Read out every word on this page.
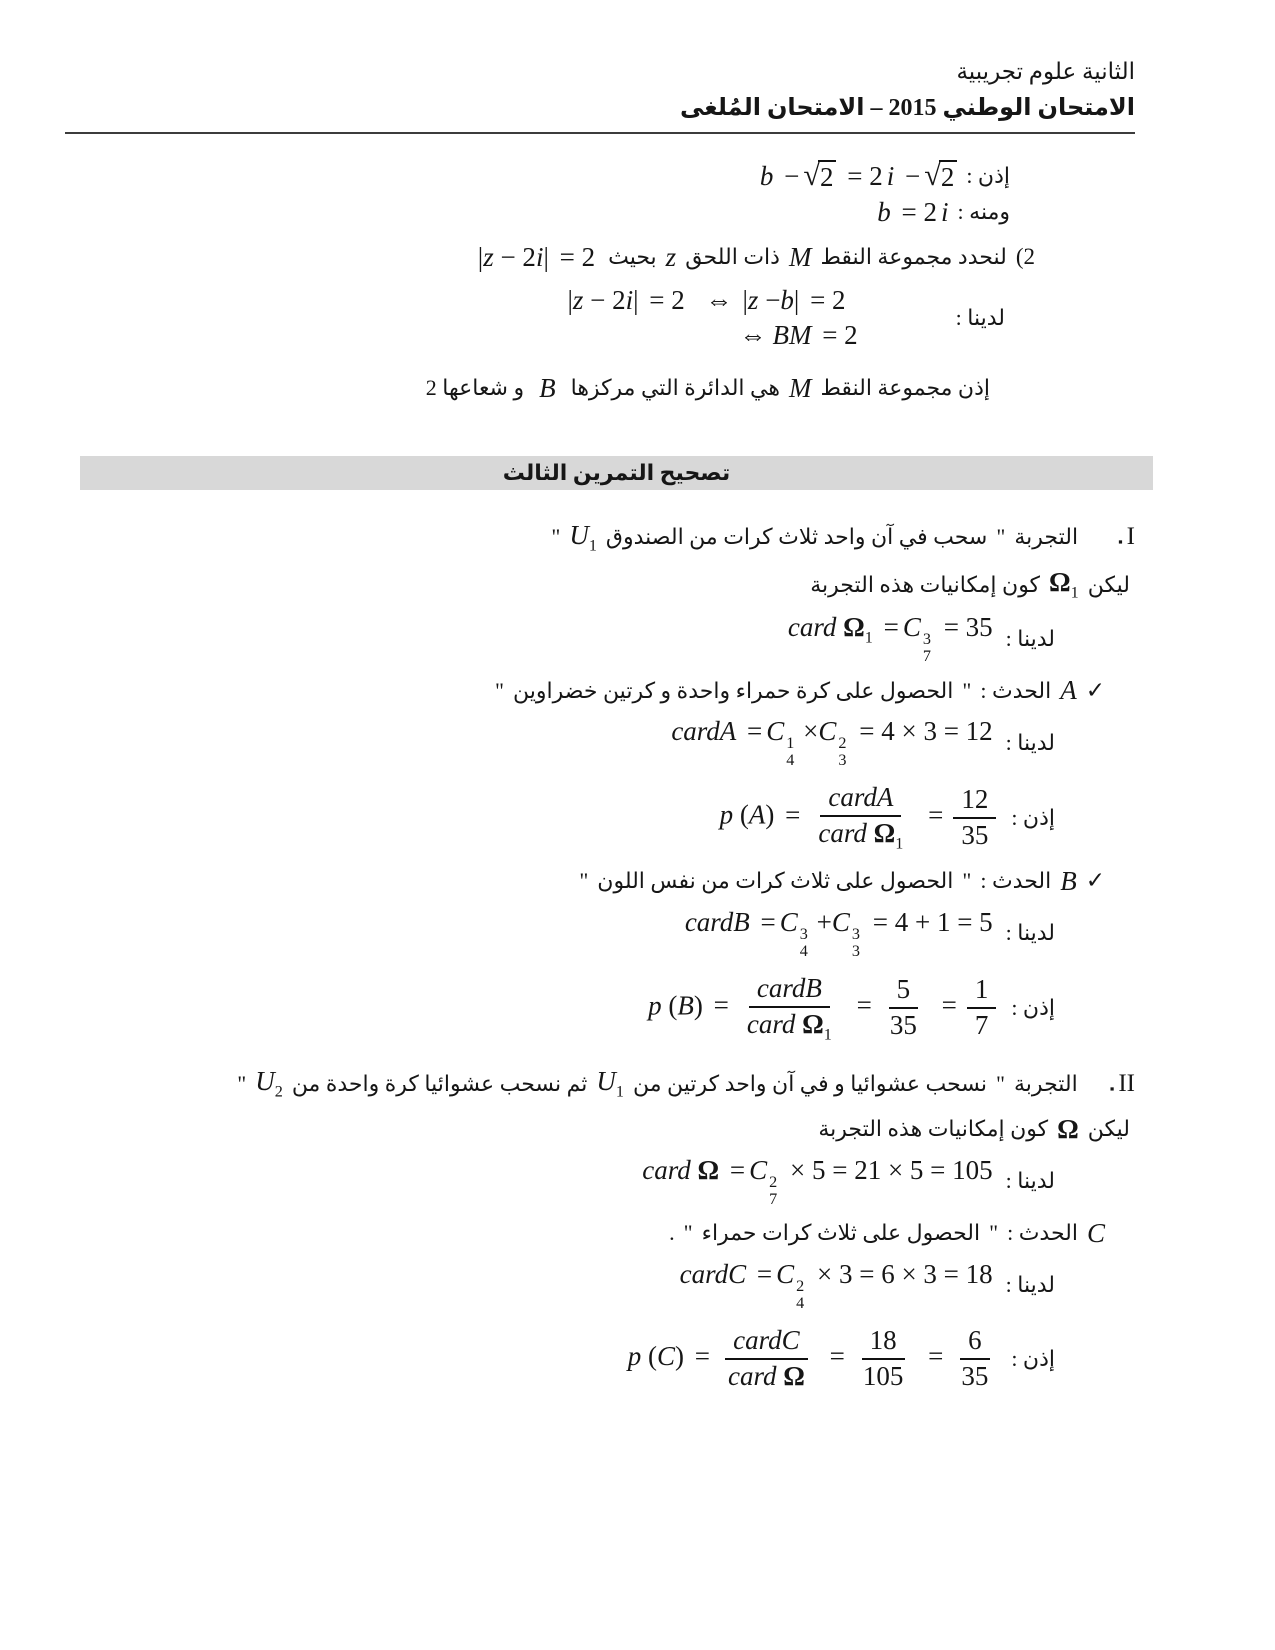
الثانية علوم تجريبية
الامتحان الوطني 2015 – الامتحان المُلغى
إذن :
b − √ 2 = 2 i − √ 2
ومنه :
b = 2 i
(2
لنحدد مجموعة النقط
M
ذات اللحق
z
بحيث
|z − 2i| = 2
لدينا :
|z − 2i| = 2 ⇔ |z −b| = 2
⇔ BM = 2
إذن مجموعة النقط
M
هي الدائرة التي مركزها
B
و شعاعها 2
تصحيح التمرين الثالث
▪ I
التجربة
"
سحب في آن واحد ثلاث كرات من الصندوق
$U_1$
"
ليكن
$\Omega_1$
كون إمكانيات هذه التجربة
لدينا :
card $\Omega_1 = C$ 3
7
= 35
✓
A
الحدث :
"
الحصول على كرة حمراء واحدة و كرتين خضراوين
"
لدينا :
cardA = C 1
4
×C 2
3
= 4 × 3 = 12
إذن :
p $(A) = \frac{\text{cardA}}{card \Omega_1} = \frac{12}{35}$
✓
B
الحدث :
"
الحصول على ثلاث كرات من نفس اللون
"
لدينا :
cardB = C 3
4
+C 3
3
= 4 + 1 = 5
إذن :
p $(B) = \frac{\text{cardB}}{card \Omega_1} = \frac{5}{35} = \frac{1}{7}$
▪ II
التجربة
"
نسحب عشوائيا و في آن واحد كرتين من
$U_1$
ثم نسحب عشوائيا كرة واحدة من
$U_2$
"
ليكن
Ω
كون إمكانيات هذه التجربة
لدينا :
card Ω = C 2
7
× 5 = 21 × 5 = 105
C
الحدث :
"
الحصول على ثلاث كرات حمراء
"
.
لدينا :
cardC = C 2
4
× 3 = 6 × 3 = 18
إذن :
p $(C) = \frac{\text{cardC}}{\text{card Ω}} = \frac{18}{105} = \frac{6}{35}$
